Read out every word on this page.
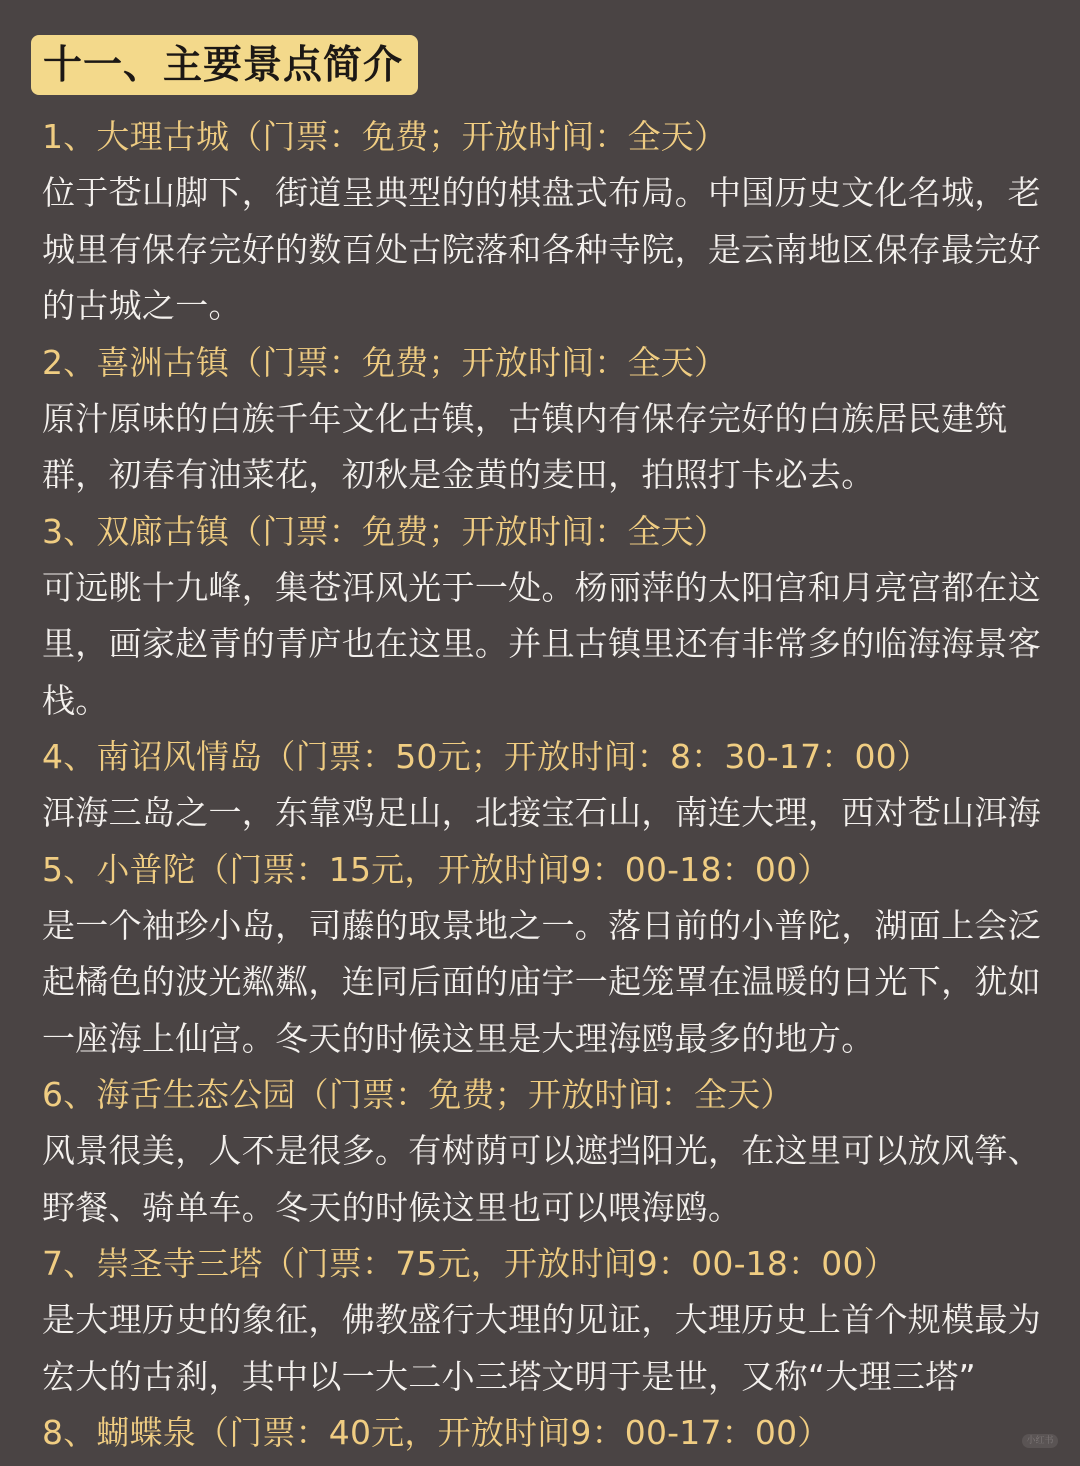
十一、主要景点简介
1、大理古城（门票：免费；开放时间：全天）
位于苍山脚下，街道呈典型的的棋盘式布局。中国历史文化名城，老城里有保存完好的数百处古院落和各种寺院，是云南地区保存最完好的古城之一。
2、喜洲古镇（门票：免费；开放时间：全天）
原汁原味的白族千年文化古镇，古镇内有保存完好的白族居民建筑群，初春有油菜花，初秋是金黄的麦田，拍照打卡必去。
3、双廊古镇（门票：免费；开放时间：全天）
可远眺十九峰，集苍洱风光于一处。杨丽萍的太阳宫和月亮宫都在这里，画家赵青的青庐也在这里。并且古镇里还有非常多的临海海景客栈。
4、南诏风情岛（门票：50元；开放时间：8：30-17：00）
洱海三岛之一，东靠鸡足山，北接宝石山，南连大理，西对苍山洱海
5、小普陀（门票：15元，开放时间9：00-18：00）
是一个袖珍小岛，司藤的取景地之一。落日前的小普陀，湖面上会泛起橘色的波光粼粼，连同后面的庙宇一起笼罩在温暖的日光下，犹如一座海上仙宫。冬天的时候这里是大理海鸥最多的地方。
6、海舌生态公园（门票：免费；开放时间：全天）
风景很美，人不是很多。有树荫可以遮挡阳光，在这里可以放风筝、野餐、骑单车。冬天的时候这里也可以喂海鸥。
7、崇圣寺三塔（门票：75元，开放时间9：00-18：00）
是大理历史的象征，佛教盛行大理的见证，大理历史上首个规模最为宏大的古刹，其中以一大二小三塔文明于是世，又称“大理三塔”
8、蝴蝶泉（门票：40元，开放时间9：00-17：00）	小红书
